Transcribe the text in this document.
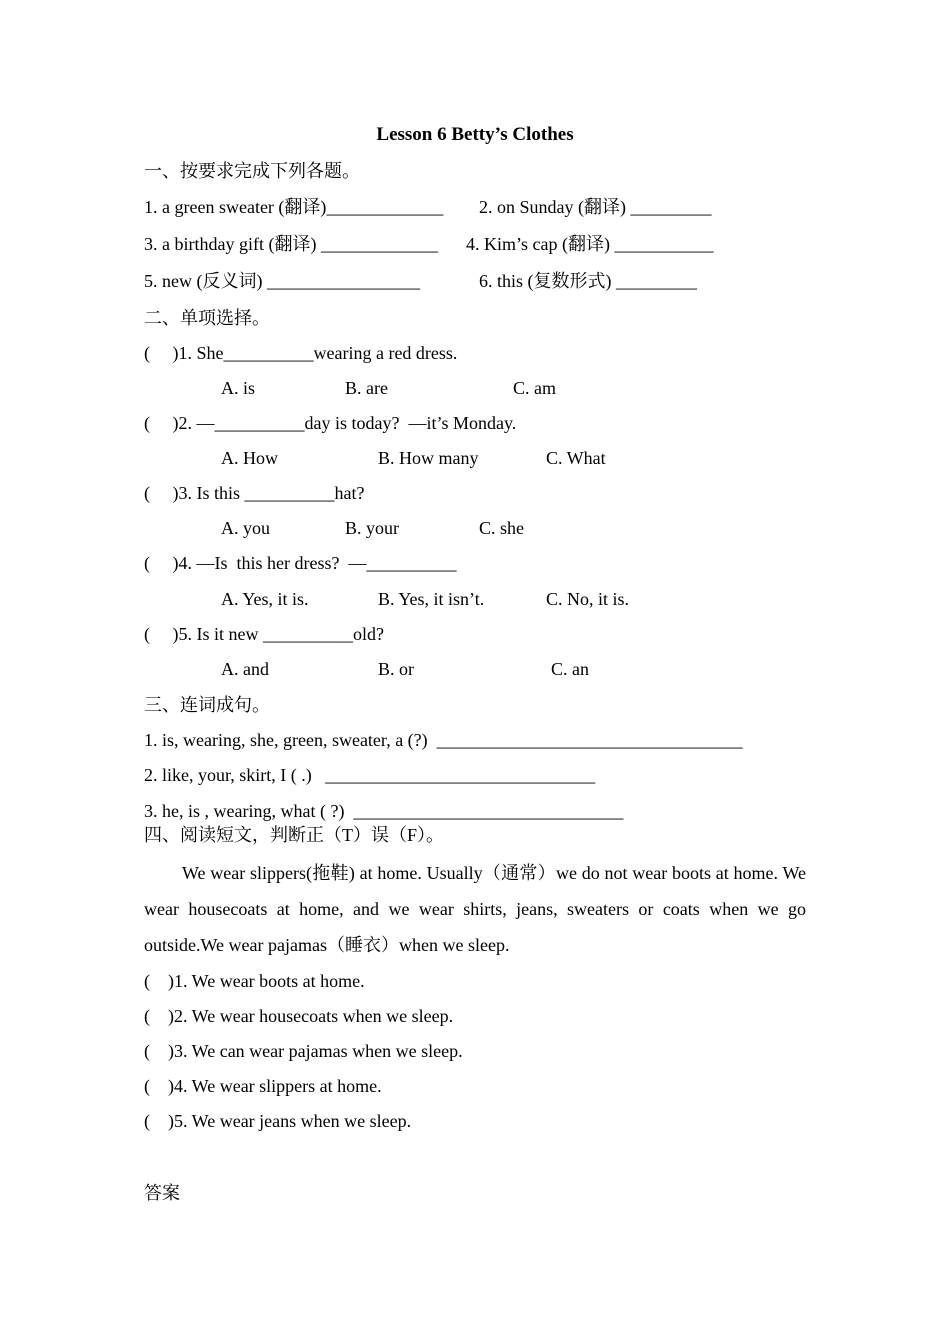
Lesson 6 Betty’s Clothes
一、按要求完成下列各题。
1. a green sweater (翻译)_____________ 2. on Sunday (翻译) _________
3. a birthday gift (翻译) _____________ 4. Kim’s cap (翻译) ___________
5. new (反义词) _________________	6. this (复数形式) _________
二、单项选择。
(     )1. She__________wearing a red dress.
A. is	B. are	C. am
(     )2. —__________day is today?  —it’s Monday.
A. How	B. How many	C. What
(     )3. Is this __________hat?
A. you	B. your	C. she
(     )4. —Is  this her dress?  —__________
A. Yes, it is.	B. Yes, it isn’t.	C. No, it is.
(     )5. Is it new __________old?
A. and	B. or	C. an
三、连词成句。
1. is, wearing, she, green, sweater, a (?)  __________________________________
2. like, your, skirt, I ( .)   ______________________________
3. he, is , wearing, what ( ?)  ______________________________
四、阅读短文，判断正（T）误（F）。
We wear slippers(拖鞋) at home. Usually（通常）we do not wear boots at home. We wear housecoats at home, and we wear shirts, jeans, sweaters or coats when we go outside.We wear pajamas（睡衣）when we sleep.
(    )1. We wear boots at home.
(    )2. We wear housecoats when we sleep.
(    )3. We can wear pajamas when we sleep.
(    )4. We wear slippers at home.
(    )5. We wear jeans when we sleep.
答案
